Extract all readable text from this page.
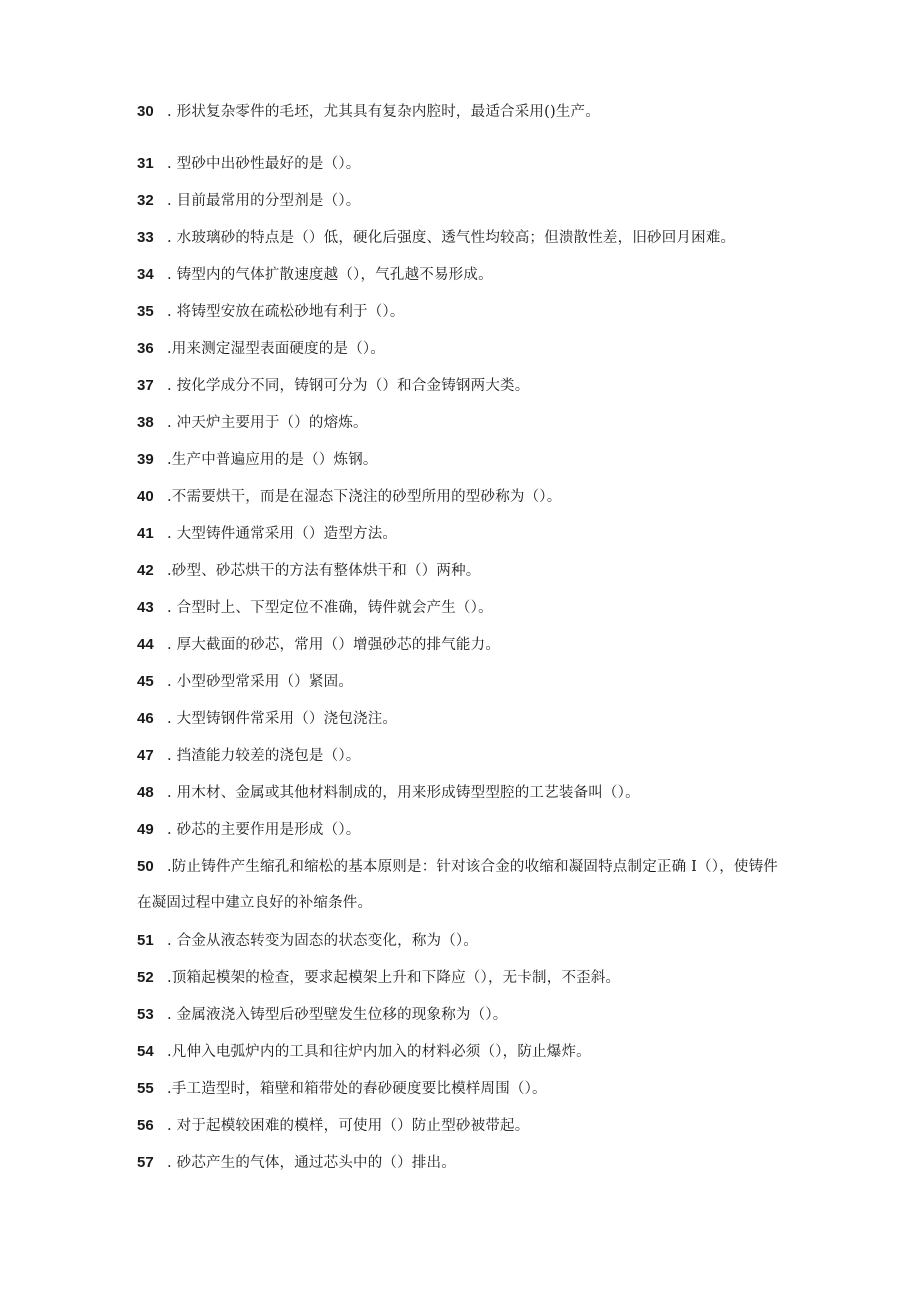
30 . 形状复杂零件的毛坯，尤其具有复杂内腔时，最适合采用()生产。
31 . 型砂中出砂性最好的是（）。
32 . 目前最常用的分型剂是（）。
33 . 水玻璃砂的特点是（）低，硬化后强度、透气性均较高；但溃散性差，旧砂回月困难。
34 . 铸型内的气体扩散速度越（），气孔越不易形成。
35 . 将铸型安放在疏松砂地有利于（）。
36 .用来测定湿型表面硬度的是（）。
37 . 按化学成分不同，铸钢可分为（）和合金铸钢两大类。
38 . 冲天炉主要用于（）的熔炼。
39 .生产中普遍应用的是（）炼钢。
40 .不需要烘干，而是在湿态下浇注的砂型所用的型砂称为（）。
41 . 大型铸件通常采用（）造型方法。
42 .砂型、砂芯烘干的方法有整体烘干和（）两种。
43 . 合型时上、下型定位不准确，铸件就会产生（）。
44 . 厚大截面的砂芯，常用（）增强砂芯的排气能力。
45 . 小型砂型常采用（）紧固。
46 . 大型铸钢件常采用（）浇包浇注。
47 . 挡渣能力较差的浇包是（）。
48 . 用木材、金属或其他材料制成的，用来形成铸型型腔的工艺装备叫（）。
49 . 砂芯的主要作用是形成（）。
50 .防止铸件产生缩孔和缩松的基本原则是：针对该合金的收缩和凝固特点制定正确 I（），使铸件在凝固过程中建立良好的补缩条件。
51 . 合金从液态转变为固态的状态变化，称为（）。
52 .顶箱起模架的检查，要求起模架上升和下降应（），无卡制，不歪斜。
53 . 金属液浇入铸型后砂型壁发生位移的现象称为（）。
54 .凡伸入电弧炉内的工具和往炉内加入的材料必须（），防止爆炸。
55 .手工造型时，箱壁和箱带处的舂砂硬度要比模样周围（）。
56 . 对于起模较困难的模样，可使用（）防止型砂被带起。
57 . 砂芯产生的气体，通过芯头中的（）排出。
